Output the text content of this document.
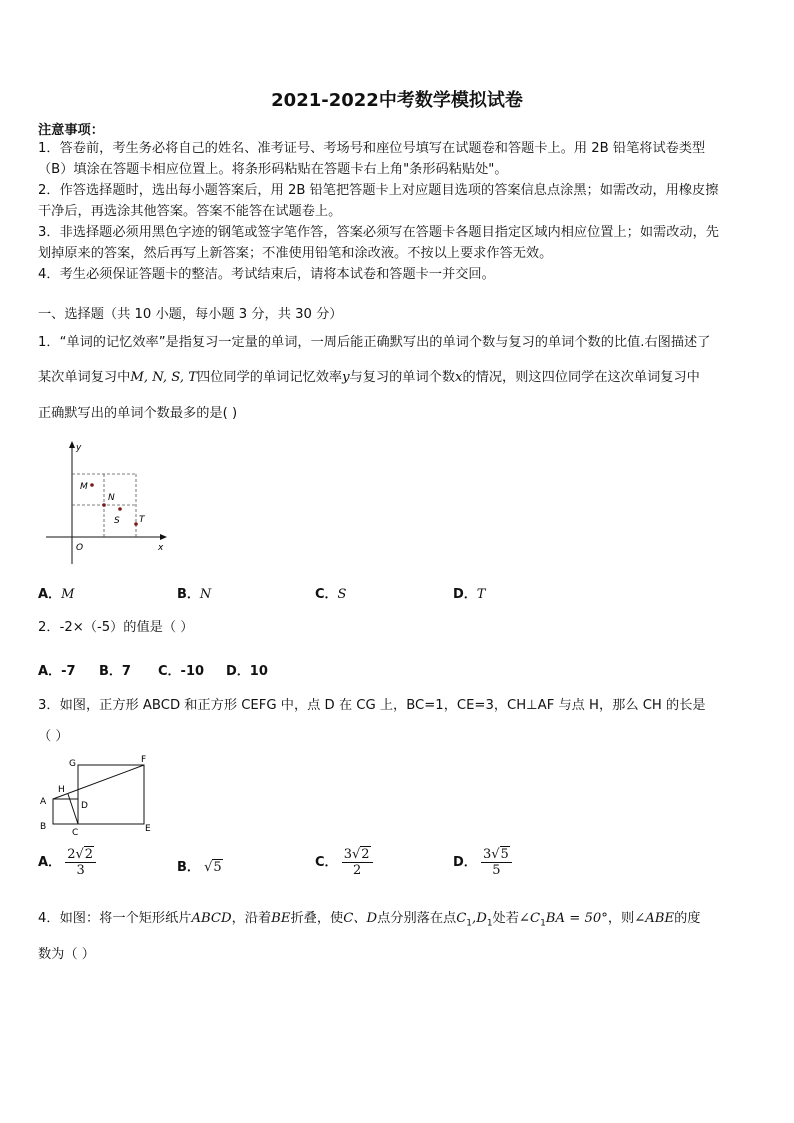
2021-2022中考数学模拟试卷
注意事项：
1．答卷前，考生务必将自己的姓名、准考证号、考场号和座位号填写在试题卷和答题卡上。用 2B 铅笔将试卷类型
（B）填涂在答题卡相应位置上。将条形码粘贴在答题卡右上角"条形码粘贴处"。
2．作答选择题时，选出每小题答案后，用 2B 铅笔把答题卡上对应题目选项的答案信息点涂黑；如需改动，用橡皮擦
干净后，再选涂其他答案。答案不能答在试题卷上。
3．非选择题必须用黑色字迹的钢笔或签字笔作答，答案必须写在答题卡各题目指定区域内相应位置上；如需改动，先
划掉原来的答案，然后再写上新答案；不准使用铅笔和涂改液。不按以上要求作答无效。
4．考生必须保证答题卡的整洁。考试结束后，请将本试卷和答题卡一并交回。
一、选择题（共 10 小题，每小题 3 分，共 30 分）
1．“单词的记忆效率”是指复习一定量的单词，一周后能正确默写出的单词个数与复习的单词个数的比值.右图描述了
某次单词复习中M, N, S, T四位同学的单词记忆效率y与复习的单词个数x的情况，则这四位同学在这次单词复习中
正确默写出的单词个数最多的是( )
y
x
O
M
N
S T
A．M	B．N	C．S	D．T
2．-2×（-5）的值是（ ）
A．-7 B．7 C．-10 D．10
3．如图，正方形 ABCD 和正方形 CEFG 中，点 D 在 CG 上，BC=1，CE=3，CH⊥AF 与点 H，那么 CH 的长是
（ ）
A
B
C
D
E
F
G
H
A． $\frac{2√2}{3}$	B． √5	C． $\frac{3√2}{2}$	D． $\frac{3√5}{5}$
4．如图：将一个矩形纸片ABCD，沿着BE折叠，使C、D点分别落在点$C_1,D_1$处若$\angle C_1BA = 50^\circ$，则∠ABE的度
数为（ ）
